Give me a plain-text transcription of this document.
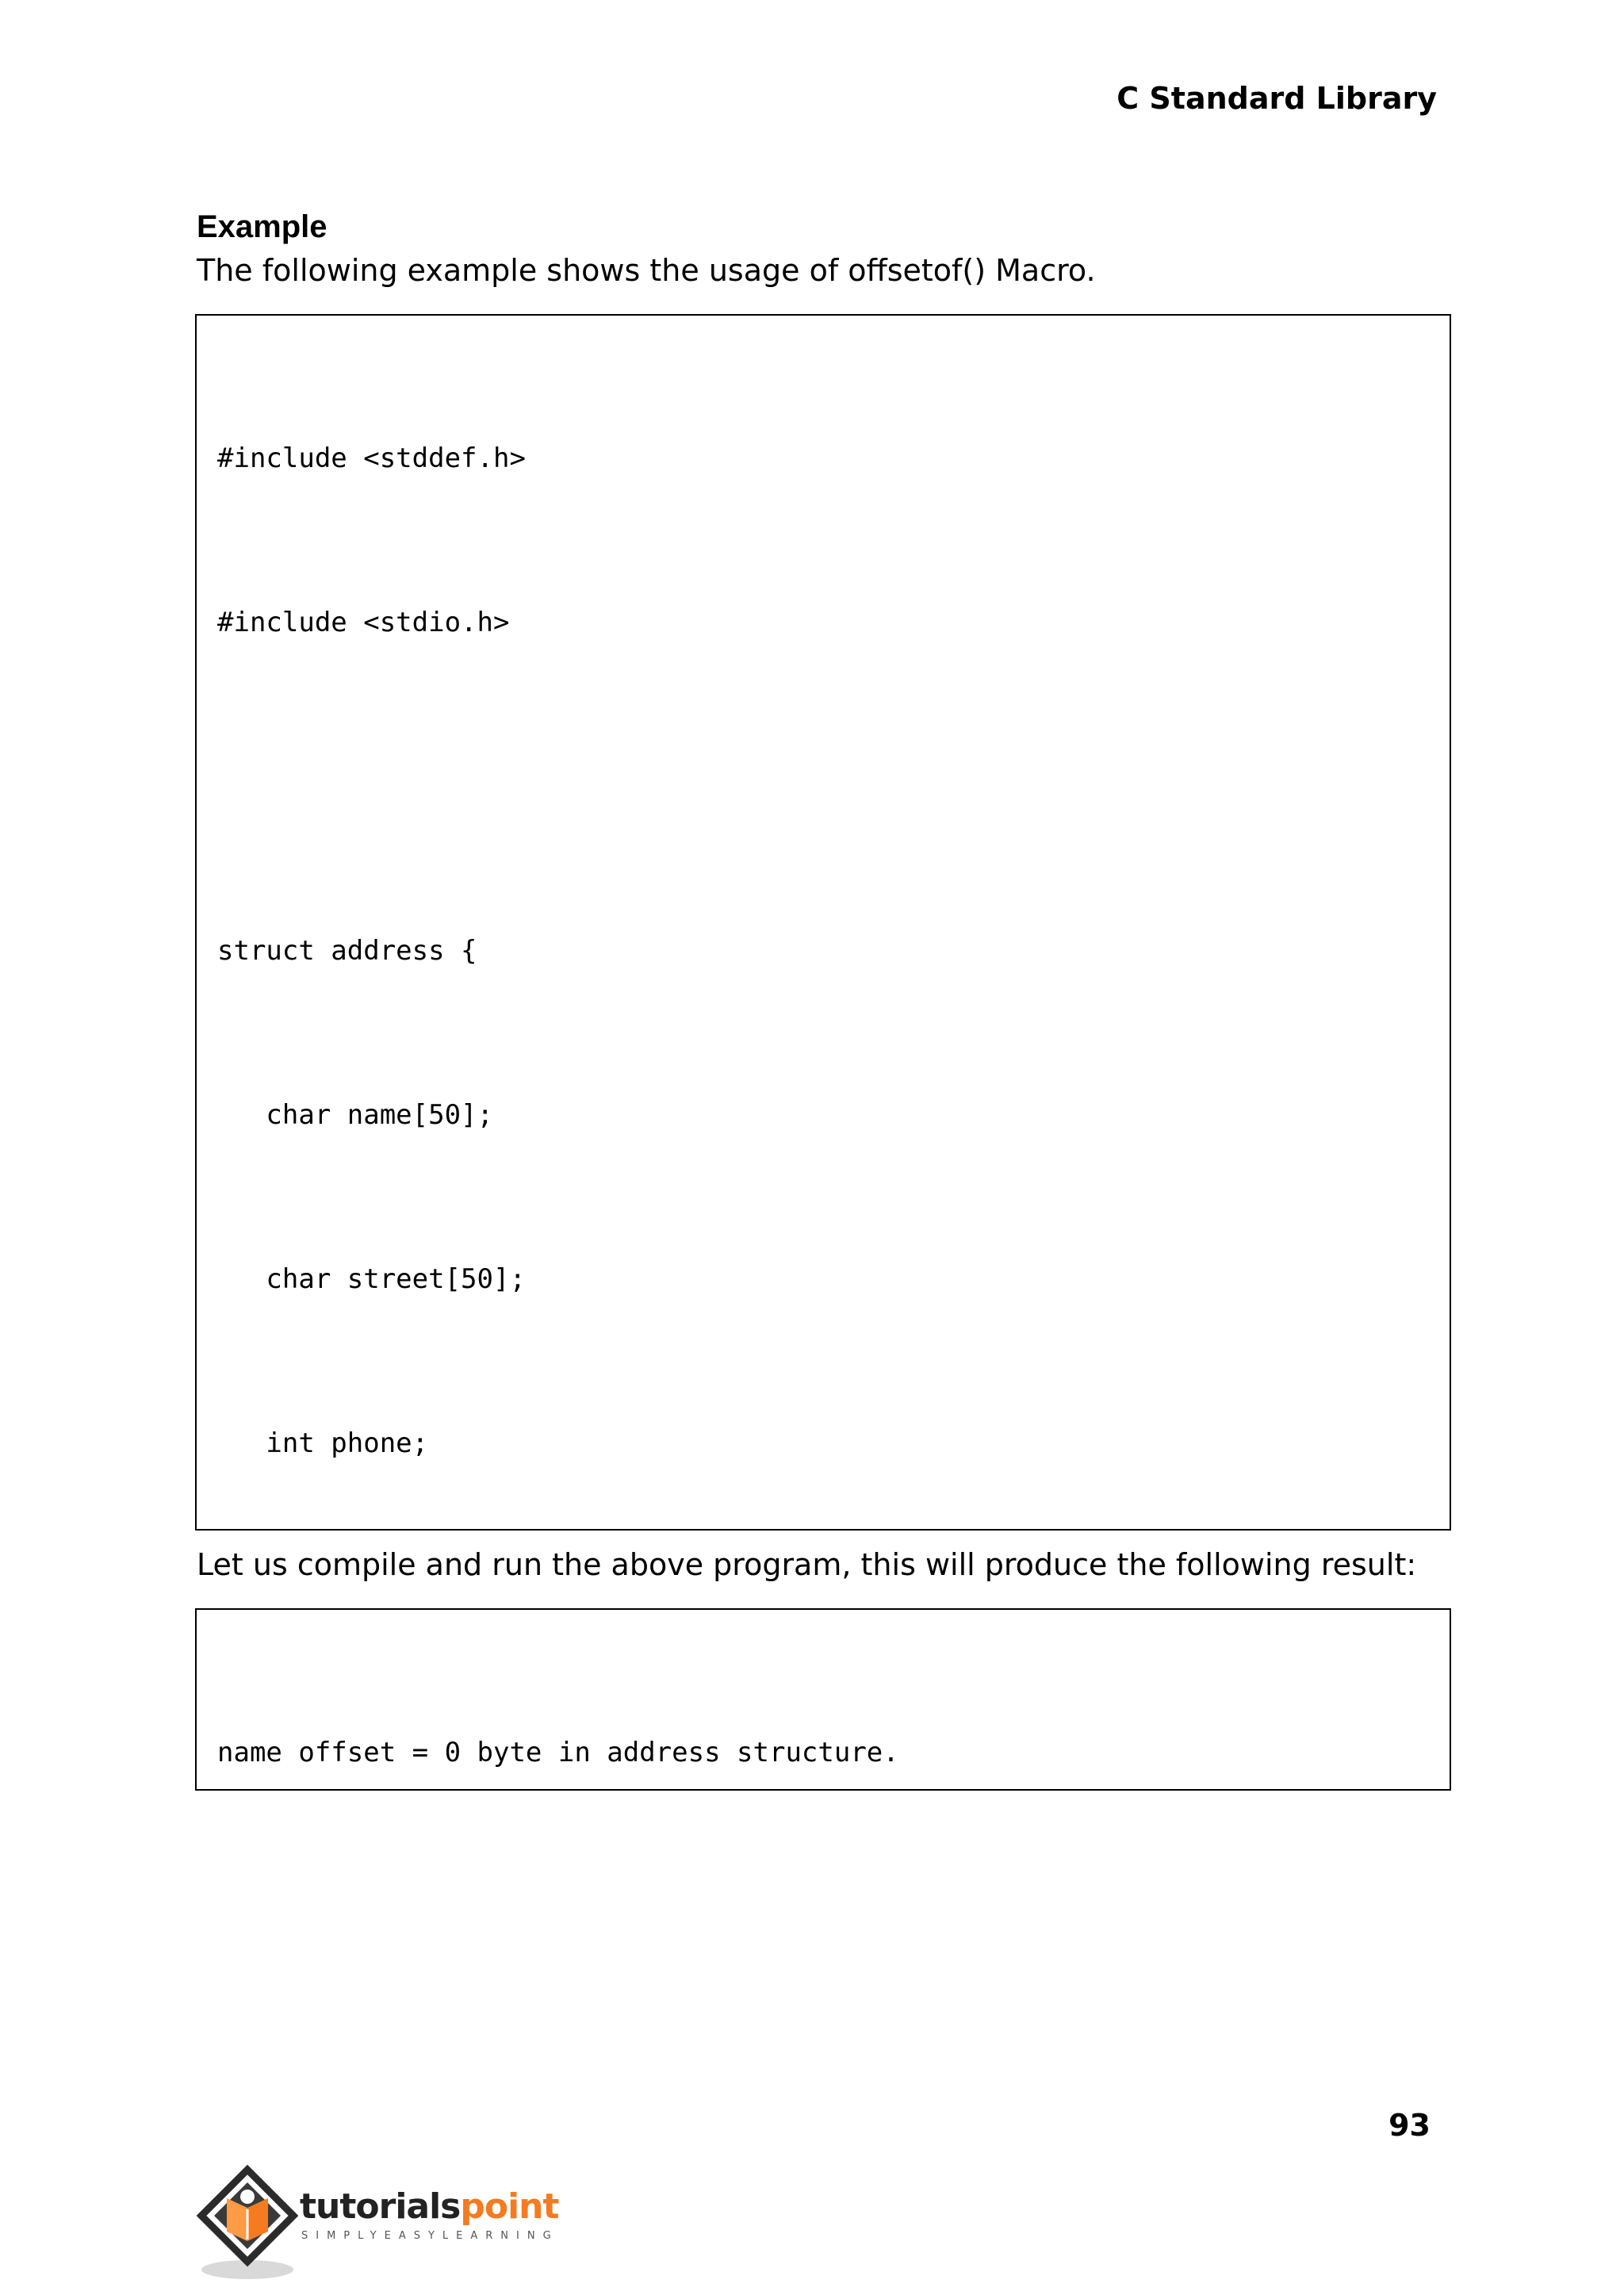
C Standard Library
Example
The following example shows the usage of offsetof() Macro.

#include <stddef.h>

#include <stdio.h>

struct address {

char name[50];

char street[50];

int phone;

Let us compile and run the above program, this will produce the following result:

name offset = 0 byte in address structure.

93
tutorialspoint
SIMPLYEASYLEARNING
